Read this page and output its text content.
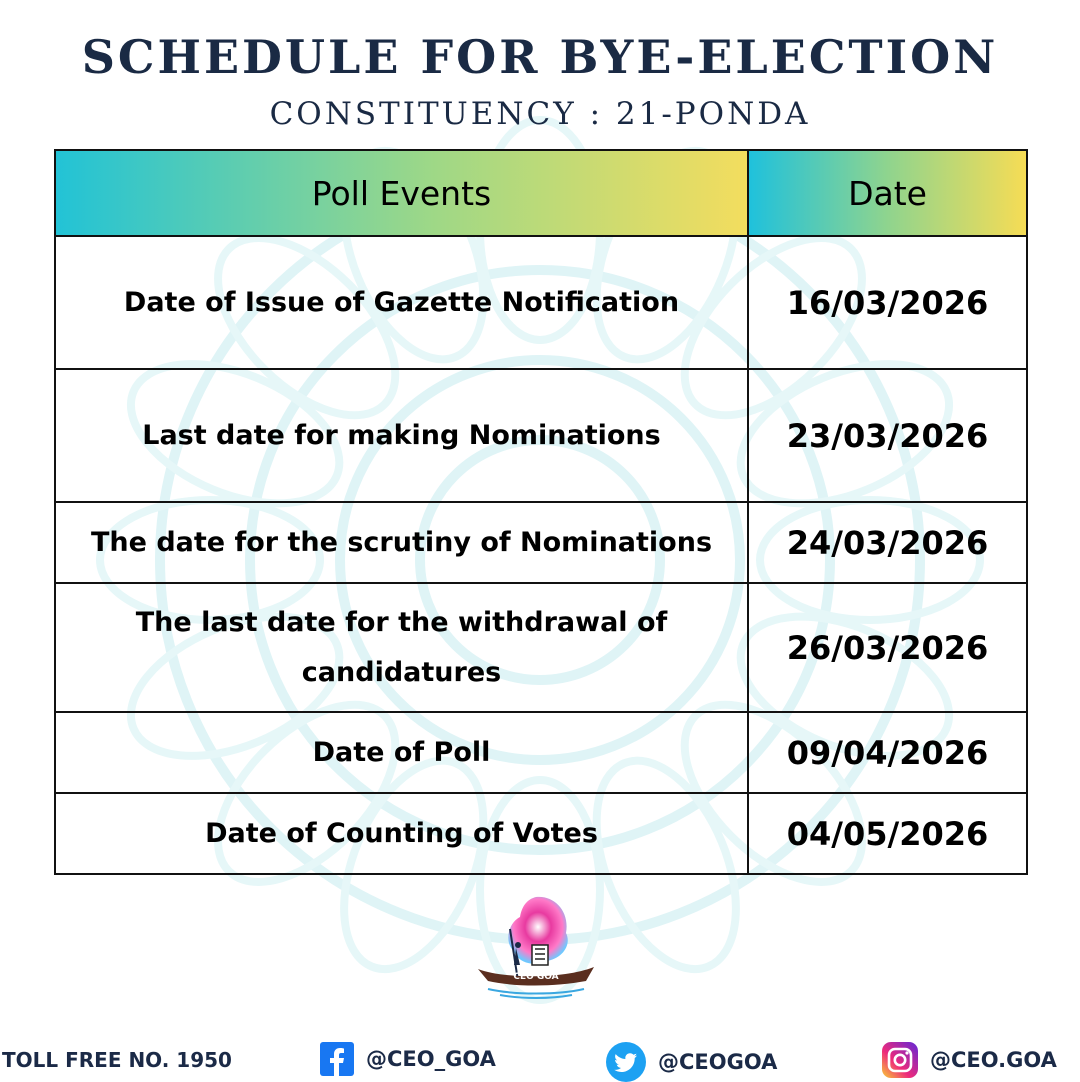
SCHEDULE FOR BYE-ELECTION
CONSTITUENCY : 21-PONDA
Poll Events	Date
Date of Issue of Gazette Notification	16/03/2026
Last date for making Nominations	23/03/2026
The date for the scrutiny of Nominations	24/03/2026
The last date for the withdrawal of candidatures	26/03/2026
Date of Poll	09/04/2026
Date of Counting of Votes	04/05/2026
CEO GOA
TOLL FREE NO. 1950	@CEO_GOA	@CEOGOA	@CEO.GOA
